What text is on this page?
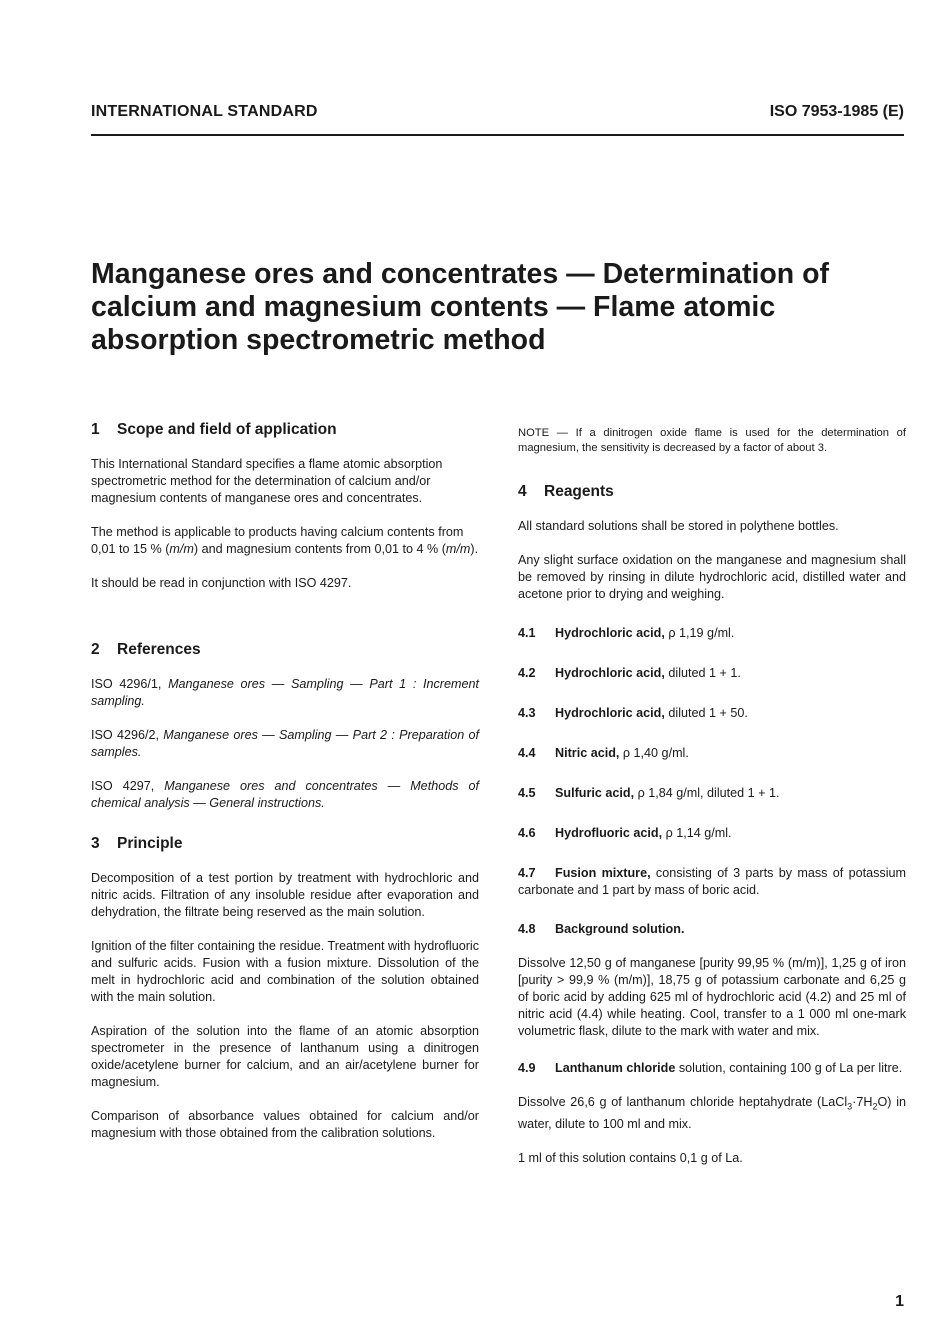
INTERNATIONAL STANDARD	ISO 7953-1985 (E)
Manganese ores and concentrates — Determination of
calcium and magnesium contents — Flame atomic
absorption spectrometric method
1 Scope and field of application

This International Standard specifies a flame atomic absorption spectrometric method for the determination of calcium and/or magnesium contents of manganese ores and concentrates.

The method is applicable to products having calcium contents from 0,01 to 15 % (m/m) and magnesium contents from 0,01 to 4 % (m/m).

It should be read in conjunction with ISO 4297.

2 References

ISO 4296/1, Manganese ores — Sampling — Part 1 : Increment sampling.

ISO 4296/2, Manganese ores — Sampling — Part 2 : Preparation of samples.

ISO 4297, Manganese ores and concentrates — Methods of chemical analysis — General instructions.

3 Principle

Decomposition of a test portion by treatment with hydrochloric and nitric acids. Filtration of any insoluble residue after evaporation and dehydration, the filtrate being reserved as the main solution.

Ignition of the filter containing the residue. Treatment with hydrofluoric and sulfuric acids. Fusion with a fusion mixture. Dissolution of the melt in hydrochloric acid and combination of the solution obtained with the main solution.

Aspiration of the solution into the flame of an atomic absorption spectrometer in the presence of lanthanum using a dinitrogen oxide/acetylene burner for calcium, and an air/acetylene burner for magnesium.

Comparison of absorbance values obtained for calcium and/or magnesium with those obtained from the calibration solutions.

NOTE — If a dinitrogen oxide flame is used for the determination of magnesium, the sensitivity is decreased by a factor of about 3.

4 Reagents

All standard solutions shall be stored in polythene bottles.

Any slight surface oxidation on the manganese and magnesium shall be removed by rinsing in dilute hydrochloric acid, distilled water and acetone prior to drying and weighing.

4.1 Hydrochloric acid, ρ 1,19 g/ml.

4.2 Hydrochloric acid, diluted 1 + 1.

4.3 Hydrochloric acid, diluted 1 + 50.

4.4 Nitric acid, ρ 1,40 g/ml.

4.5 Sulfuric acid, ρ 1,84 g/ml, diluted 1 + 1.

4.6 Hydrofluoric acid, ρ 1,14 g/ml.

4.7 Fusion mixture, consisting of 3 parts by mass of potassium carbonate and 1 part by mass of boric acid.

4.8 Background solution.

Dissolve 12,50 g of manganese [purity 99,95 % (m/m)], 1,25 g of iron [purity > 99,9 % (m/m)], 18,75 g of potassium carbonate and 6,25 g of boric acid by adding 625 ml of hydrochloric acid (4.2) and 25 ml of nitric acid (4.4) while heating. Cool, transfer to a 1 000 ml one-mark volumetric flask, dilute to the mark with water and mix.

4.9 Lanthanum chloride solution, containing 100 g of La per litre.

Dissolve 26,6 g of lanthanum chloride heptahydrate $(LaCl_3\cdot 7H_2O)$ in water, dilute to 100 ml and mix.

1 ml of this solution contains 0,1 g of La.

1
